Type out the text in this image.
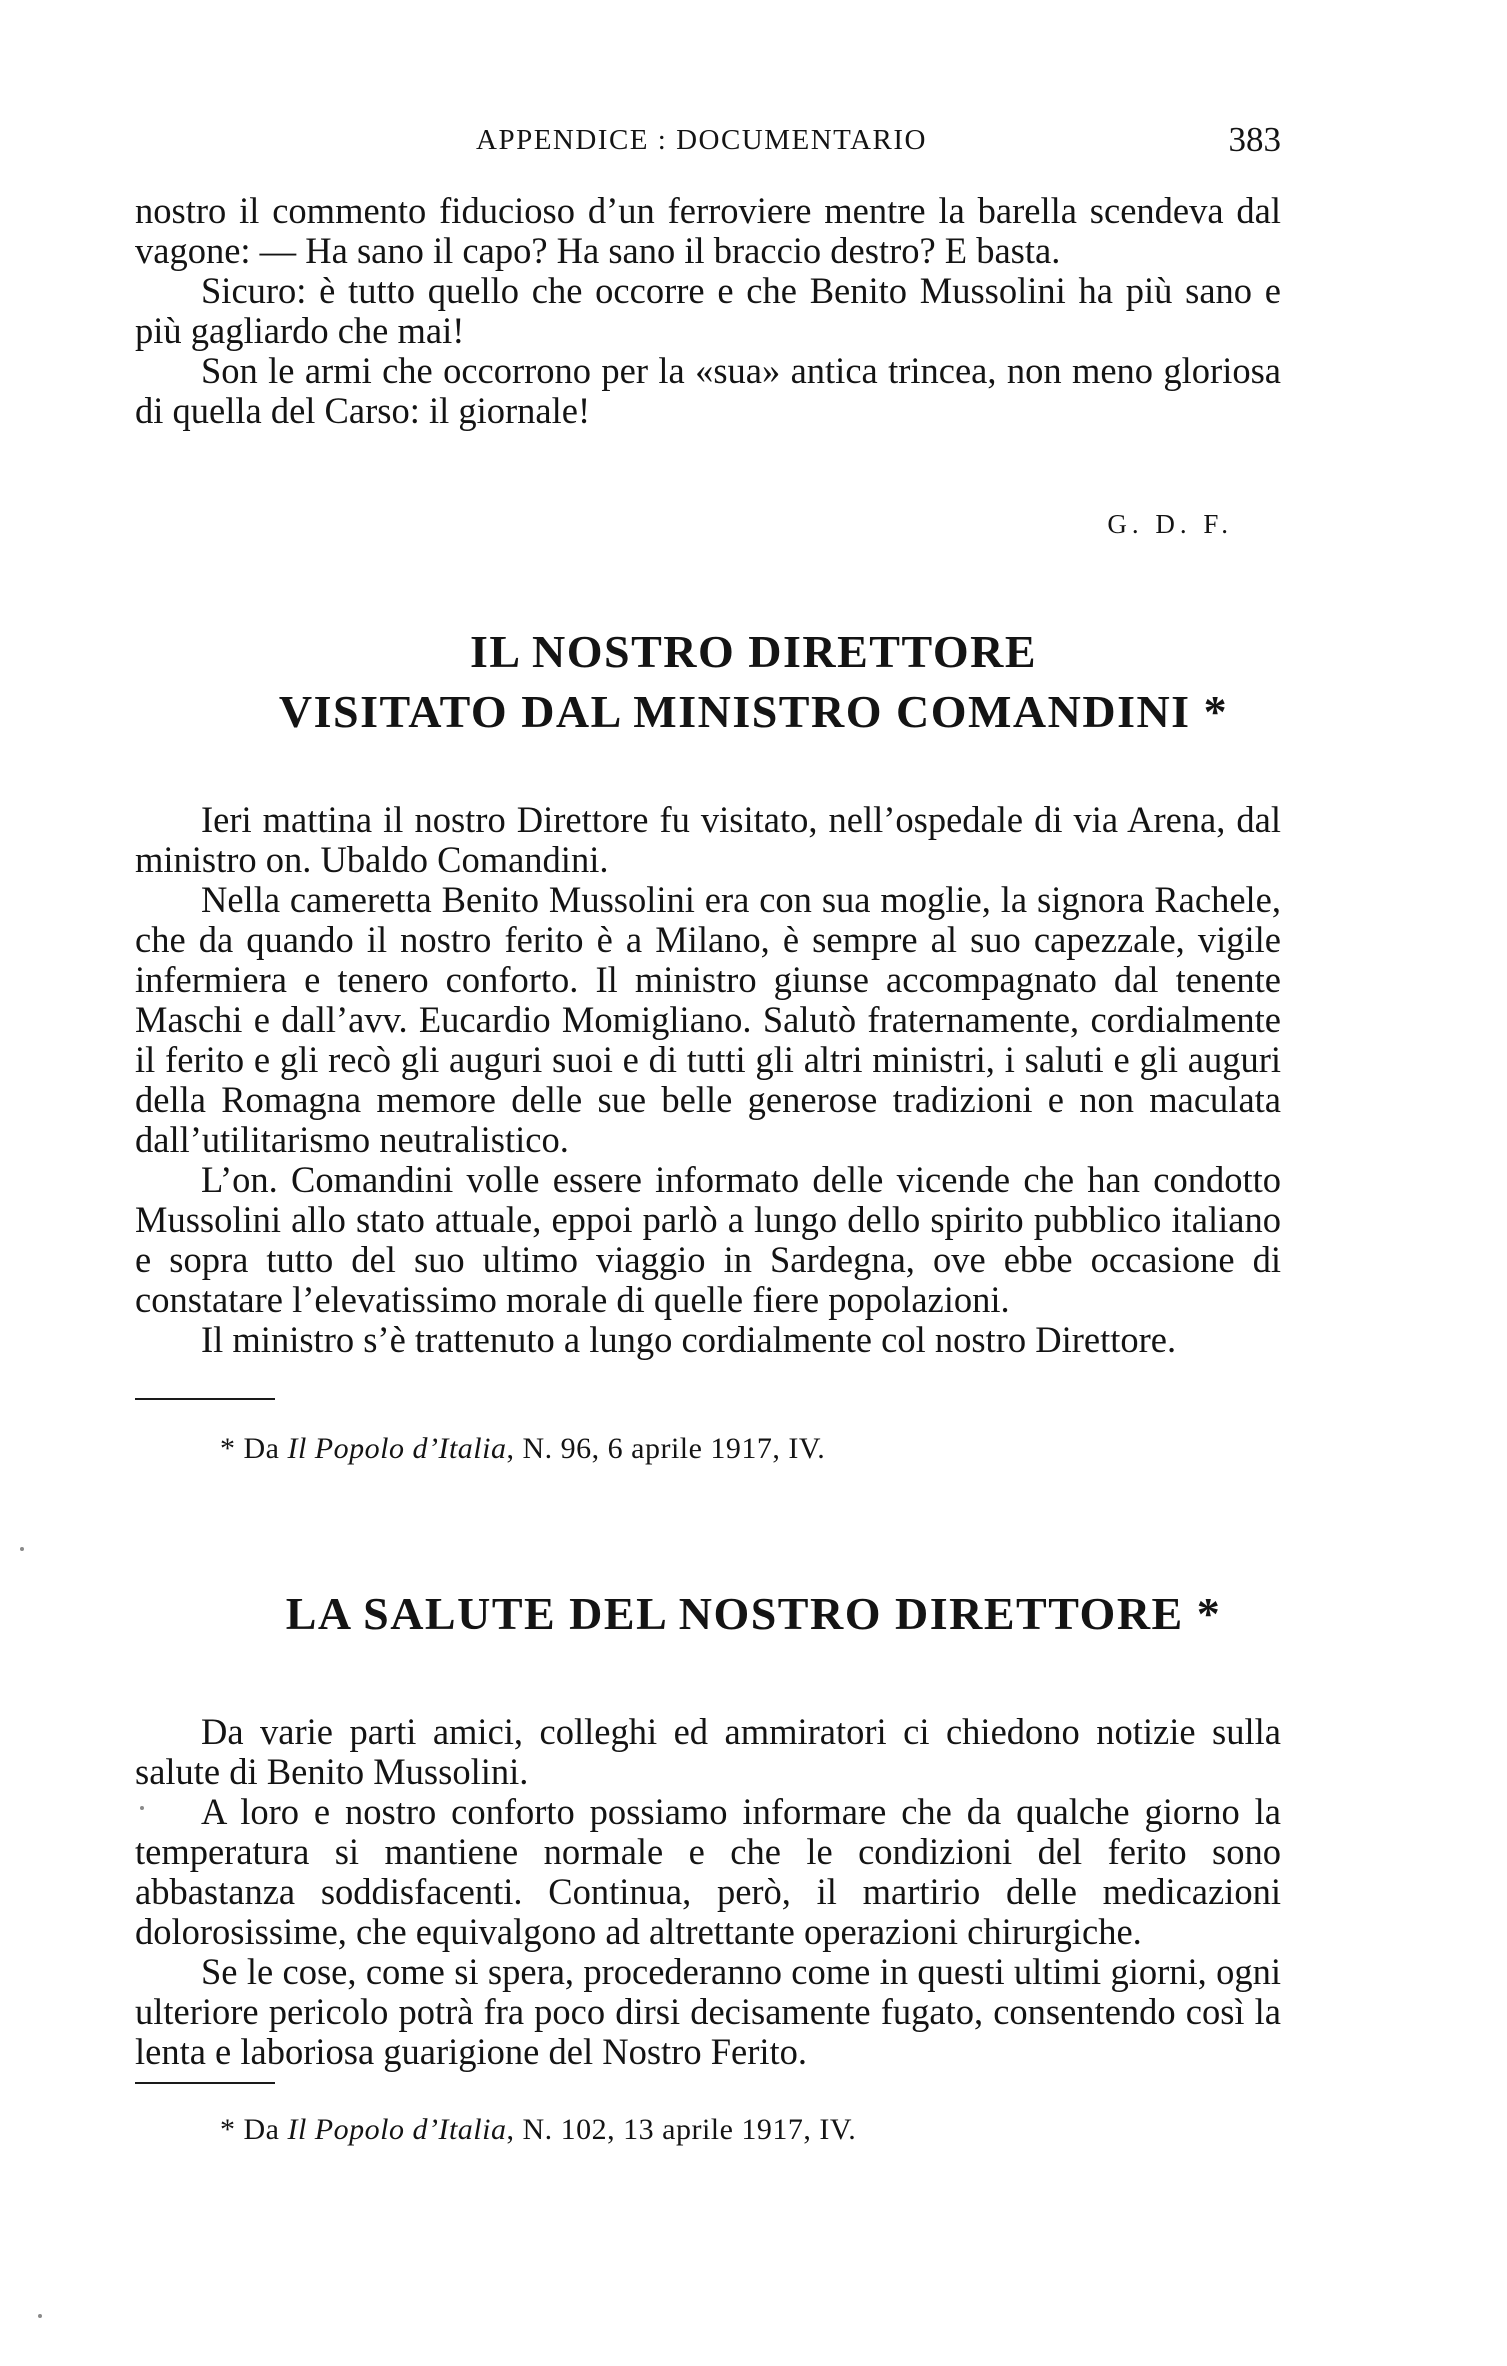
APPENDICE : DOCUMENTARIO	383

nostro il commento fiducioso d’un ferroviere mentre la barella scendeva dal vagone: — Ha sano il capo? Ha sano il braccio destro? E basta.

Sicuro: è tutto quello che occorre e che Benito Mussolini ha più sano e più gagliardo che mai!

Son le armi che occorrono per la «sua» antica trincea, non meno gloriosa di quella del Carso: il giornale!

G. D. F.
IL NOSTRO DIRETTORE
VISITATO DAL MINISTRO COMANDINI *

Ieri mattina il nostro Direttore fu visitato, nell’ospedale di via Arena, dal ministro on. Ubaldo Comandini.

Nella cameretta Benito Mussolini era con sua moglie, la signora Rachele, che da quando il nostro ferito è a Milano, è sempre al suo capezzale, vigile infermiera e tenero conforto. Il ministro giunse accompagnato dal tenente Maschi e dall’avv. Eucardio Momigliano. Salutò fraternamente, cordialmente il ferito e gli recò gli auguri suoi e di tutti gli altri ministri, i saluti e gli auguri della Romagna memore delle sue belle generose tradizioni e non maculata dall’utilitarismo neutralistico.

L’on. Comandini volle essere informato delle vicende che han condotto Mussolini allo stato attuale, eppoi parlò a lungo dello spirito pubblico italiano e sopra tutto del suo ultimo viaggio in Sardegna, ove ebbe occasione di constatare l’elevatissimo morale di quelle fiere popolazioni.

Il ministro s’è trattenuto a lungo cordialmente col nostro Direttore.

* Da Il Popolo d’Italia, N. 96, 6 aprile 1917, IV.
LA SALUTE DEL NOSTRO DIRETTORE *

Da varie parti amici, colleghi ed ammiratori ci chiedono notizie sulla salute di Benito Mussolini.

A loro e nostro conforto possiamo informare che da qualche giorno la temperatura si mantiene normale e che le condizioni del ferito sono abbastanza soddisfacenti. Continua, però, il martirio delle medicazioni dolorosissime, che equivalgono ad altrettante operazioni chirurgiche.

Se le cose, come si spera, procederanno come in questi ultimi giorni, ogni ulteriore pericolo potrà fra poco dirsi decisamente fugato, consentendo così la lenta e laboriosa guarigione del Nostro Ferito.

* Da Il Popolo d’Italia, N. 102, 13 aprile 1917, IV.
